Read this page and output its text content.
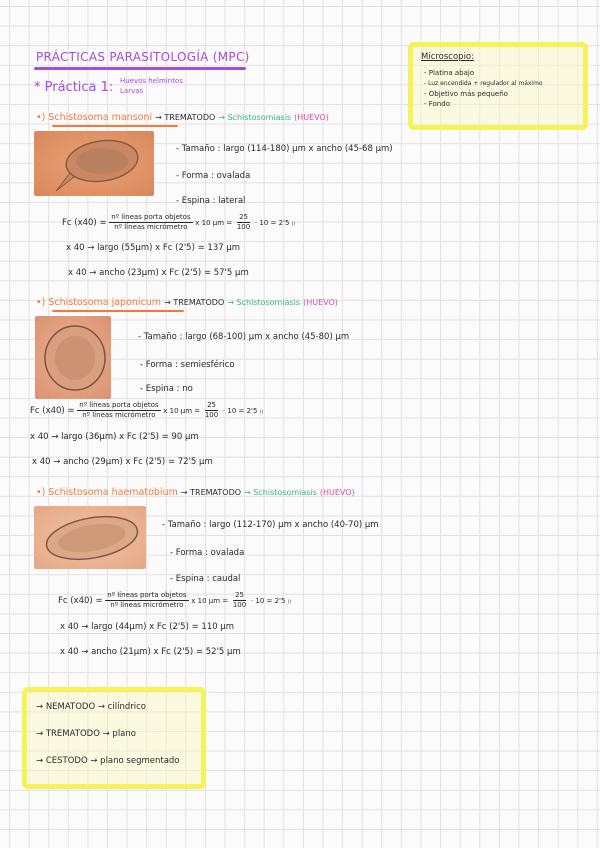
PRÁCTICAS PARASITOLOGÍA (MPC)
* Práctica 1: Huevos helmintos
Larvas
Microscopio:
- Platina abajo
- Luz encendida + regulador al máximo
- Objetivo más pequeño
- Fondo
•) Schistosoma mansoni → TREMATODO → Schistosomiasis (HUEVO)
- Tamaño : largo (114-180) μm x ancho (45-68 μm)
- Forma : ovalada
- Espina : lateral
Fc $(x40) = \frac{\text{nº líneas porta objetos}}{\text{nº líneas micrómetro}}$ x 10 $\mu m = \frac{25}{100} \cdot 10 = 2'5$ ₍₎
x 40 → largo (55μm) x Fc (2'5) = 137 μm
x 40 → ancho (23μm) x Fc (2'5) = 57'5 μm
•) Schistosoma japonicum → TREMATODO → Schistosomiasis (HUEVO)
- Tamaño : largo (68-100) μm x ancho (45-80) μm
- Forma : semiesférico
- Espina : no
Fc $(x40) = \frac{\text{nº líneas porta objetos}}{\text{nº líneas micrómetro}}$ x 10 $\mu m = \frac{25}{100} \cdot 10 = 2'5$ ₍₎
x 40 → largo (36μm) x Fc (2'5) = 90 μm
x 40 → ancho (29μm) x Fc (2'5) = 72'5 μm
•) Schistosoma haematobium → TREMATODO → Schistosomiasis (HUEVO)
- Tamaño : largo (112-170) μm x ancho (40-70) μm
- Forma : ovalada
- Espina : caudal
Fc $(x40) = \frac{\text{nº líneas porta objetos}}{\text{nº líneas micrómetro}}$ x 10 $\mu m = \frac{25}{100} \cdot 10 = 2'5$ ₍₎
x 40 → largo (44μm) x Fc (2'5) = 110 μm
x 40 → ancho (21μm) x Fc (2'5) = 52'5 μm
→ NEMATODO → cilíndrico
→ TREMATODO → plano
→ CESTODO → plano segmentado
